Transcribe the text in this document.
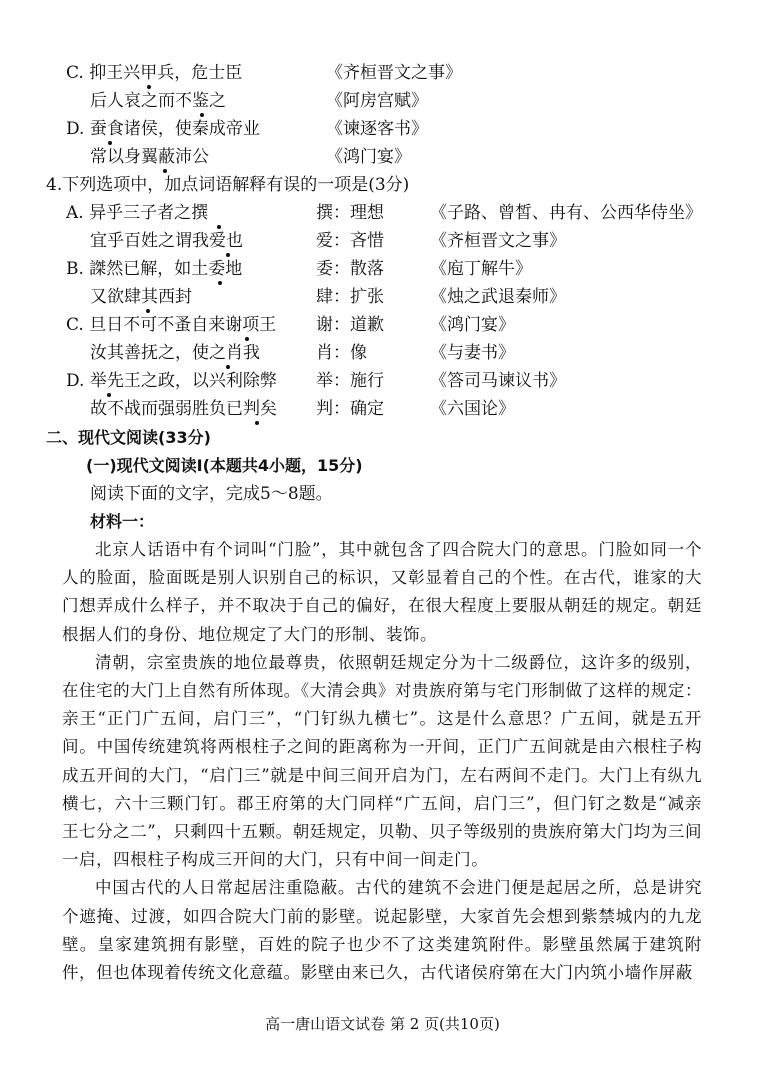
C. 抑王兴甲兵，危士臣	《齐桓晋文之事》
后人哀之而不鉴之	《阿房宫赋》
D. 蚕食诸侯，使秦成帝业	《谏逐客书》
常以身翼蔽沛公	《鸿门宴》
4.下列选项中，加点词语解释有误的一项是(3分)
A. 异乎三子者之撰	撰：理想	《子路、曾皙、冉有、公西华侍坐》
宜乎百姓之谓我爱也	爱：吝惜	《齐桓晋文之事》
B. 謋然已解，如土委地	委：散落	《庖丁解牛》
又欲肆其西封	肆：扩张	《烛之武退秦师》
C. 旦日不可不蚤自来谢项王 谢：道歉	《鸿门宴》
汝其善抚之，使之肖我	肖：像	《与妻书》
D. 举先王之政，以兴利除弊 举：施行	《答司马谏议书》
故不战而强弱胜负已判矣 判：确定	《六国论》
二、现代文阅读(33分)
(一)现代文阅读Ⅰ(本题共4小题，15分)
阅读下面的文字，完成5～8题。
材料一：

北京人话语中有个词叫“门脸”，其中就包含了四合院大门的意思。门脸如同一个人的脸面，脸面既是别人识别自己的标识，又彰显着自己的个性。在古代，谁家的大门想弄成什么样子，并不取决于自己的偏好，在很大程度上要服从朝廷的规定。朝廷根据人们的身份、地位规定了大门的形制、装饰。

清朝，宗室贵族的地位最尊贵，依照朝廷规定分为十二级爵位，这许多的级别，在住宅的大门上自然有所体现。《大清会典》对贵族府第与宅门形制做了这样的规定：亲王“正门广五间，启门三”，“门钉纵九横七”。这是什么意思？广五间，就是五开间。中国传统建筑将两根柱子之间的距离称为一开间，正门广五间就是由六根柱子构成五开间的大门，“启门三”就是中间三间开启为门，左右两间不走门。大门上有纵九横七，六十三颗门钉。郡王府第的大门同样“广五间，启门三”，但门钉之数是“减亲王七分之二”，只剩四十五颗。朝廷规定，贝勒、贝子等级别的贵族府第大门均为三间一启，四根柱子构成三开间的大门，只有中间一间走门。

中国古代的人日常起居注重隐蔽。古代的建筑不会进门便是起居之所，总是讲究个遮掩、过渡，如四合院大门前的影壁。说起影壁，大家首先会想到紫禁城内的九龙壁。皇家建筑拥有影壁，百姓的院子也少不了这类建筑附件。影壁虽然属于建筑附件，但也体现着传统文化意蕴。影壁由来已久，古代诸侯府第在大门内筑小墙作屏蔽

高一唐山语文试卷 第 2 页(共10页)
